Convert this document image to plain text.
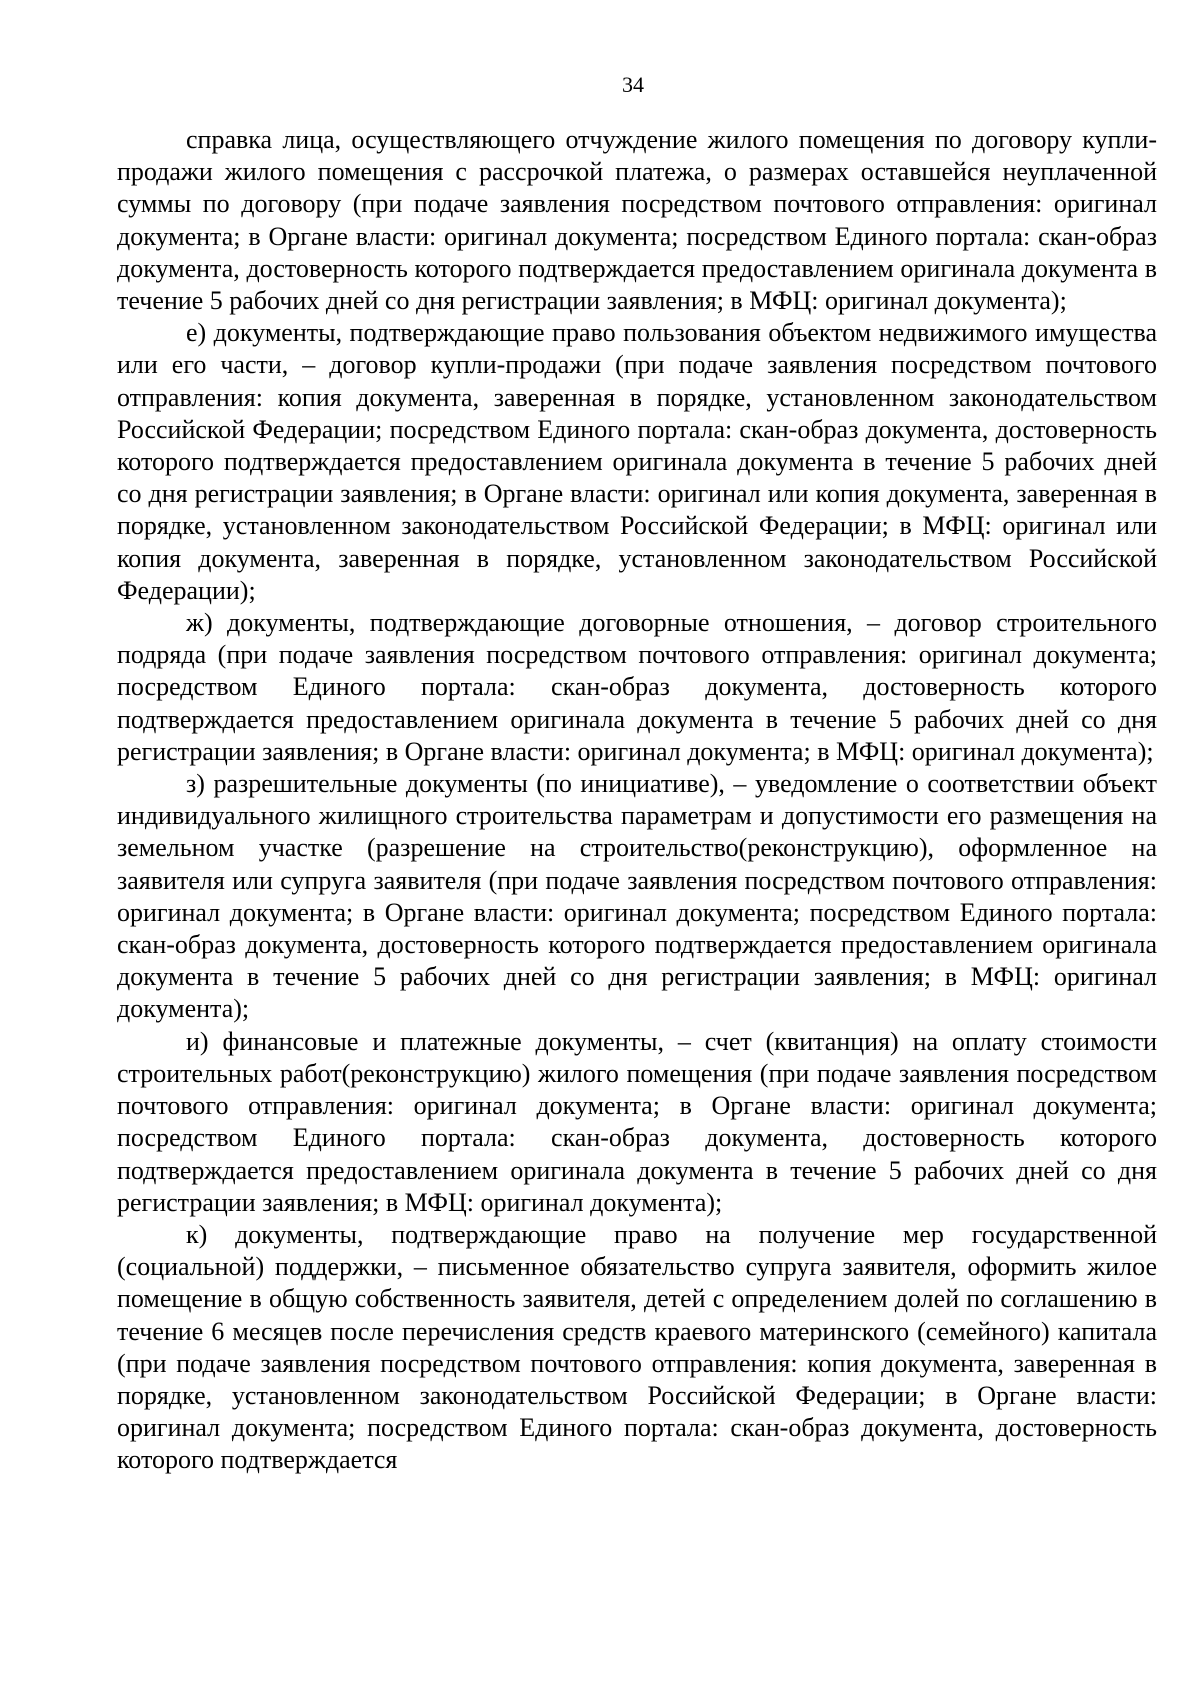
34

справка лица, осуществляющего отчуждение жилого помещения по договору купли-продажи жилого помещения с рассрочкой платежа, о размерах оставшейся неуплаченной суммы по договору (при подаче заявления посредством почтового отправления: оригинал документа; в Органе власти: оригинал документа; посредством Единого портала: скан-образ документа, достоверность которого подтверждается предоставлением оригинала документа в течение 5 рабочих дней со дня регистрации заявления; в МФЦ: оригинал документа);

е) документы, подтверждающие право пользования объектом недвижимого имущества или его части, – договор купли-продажи (при подаче заявления посредством почтового отправления: копия документа, заверенная в порядке, установленном законодательством Российской Федерации; посредством Единого портала: скан-образ документа, достоверность которого подтверждается предоставлением оригинала документа в течение 5 рабочих дней со дня регистрации заявления; в Органе власти: оригинал или копия документа, заверенная в порядке, установленном законодательством Российской Федерации; в МФЦ: оригинал или копия документа, заверенная в порядке, установленном законодательством Российской Федерации);

ж) документы, подтверждающие договорные отношения, – договор строительного подряда (при подаче заявления посредством почтового отправления: оригинал документа; посредством Единого портала: скан-образ документа, достоверность которого подтверждается предоставлением оригинала документа в течение 5 рабочих дней со дня регистрации заявления; в Органе власти: оригинал документа; в МФЦ: оригинал документа);

з) разрешительные документы (по инициативе), – уведомление о соответствии объект индивидуального жилищного строительства параметрам и допустимости его размещения на земельном участке (разрешение на строительство(реконструкцию), оформленное на заявителя или супруга заявителя (при подаче заявления посредством почтового отправления: оригинал документа; в Органе власти: оригинал документа; посредством Единого портала: скан-образ документа, достоверность которого подтверждается предоставлением оригинала документа в течение 5 рабочих дней со дня регистрации заявления; в МФЦ: оригинал документа);

и) финансовые и платежные документы, – счет (квитанция) на оплату стоимости строительных работ(реконструкцию) жилого помещения (при подаче заявления посредством почтового отправления: оригинал документа; в Органе власти: оригинал документа; посредством Единого портала: скан-образ документа, достоверность которого подтверждается предоставлением оригинала документа в течение 5 рабочих дней со дня регистрации заявления; в МФЦ: оригинал документа);

к) документы, подтверждающие право на получение мер государственной (социальной) поддержки, – письменное обязательство супруга заявителя, оформить жилое помещение в общую собственность заявителя, детей с определением долей по соглашению в течение 6 месяцев после перечисления средств краевого материнского (семейного) капитала (при подаче заявления посредством почтового отправления: копия документа, заверенная в порядке, установленном законодательством Российской Федерации; в Органе власти: оригинал документа; посредством Единого портала: скан-образ документа, достоверность которого подтверждается
